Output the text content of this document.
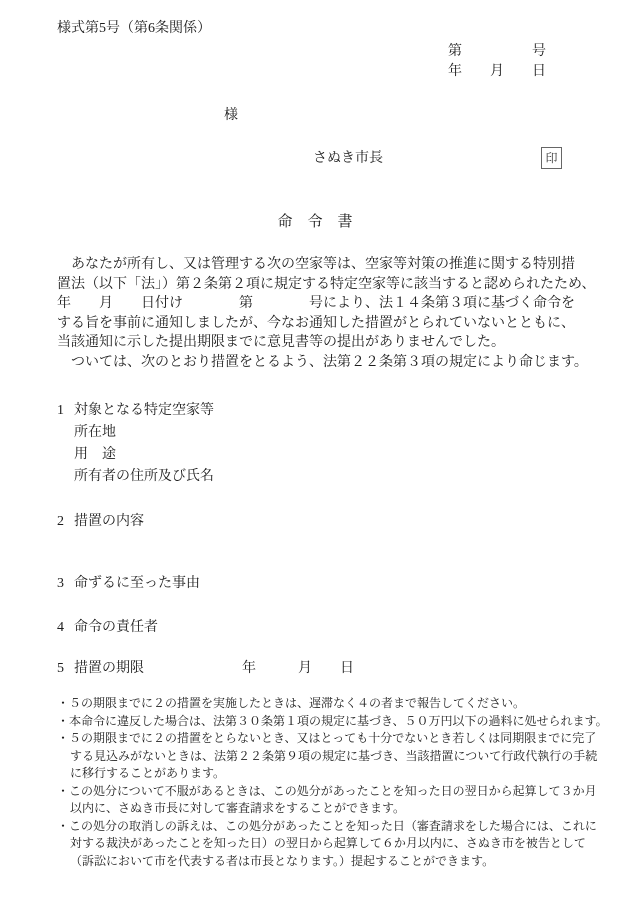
様式第5号（第6条関係）
第　　　　　号
年　　月　　日
様
さぬき市長	印
命　令　書
　あなたが所有し、又は管理する次の空家等は、空家等対策の推進に関する特別措
置法（以下「法」）第２条第２項に規定する特定空家等に該当すると認められたため、
年　　月　　日付け　　　　第　　　　号により、法１４条第３項に基づく命令を
する旨を事前に通知しましたが、今なお通知した措置がとられていないとともに、
当該通知に示した提出期限までに意見書等の提出がありませんでした。
　ついては、次のとおり措置をとるよう、法第２２条第３項の規定により命じます。
1 対象となる特定空家等
所在地
用　途
所有者の住所及び氏名
2 措置の内容
3 命ずるに至った事由
4 命令の責任者
5 措置の期限　　　　　　　年　　　月　　日
・５の期限までに２の措置を実施したときは、遅滞なく４の者まで報告してください。
・本命令に違反した場合は、法第３０条第１項の規定に基づき、５０万円以下の過料に処せられます。
・５の期限までに２の措置をとらないとき、又はとっても十分でないとき若しくは同期限までに完了
する見込みがないときは、法第２２条第９項の規定に基づき、当該措置について行政代執行の手続
に移行することがあります。
・この処分について不服があるときは、この処分があったことを知った日の翌日から起算して３か月
以内に、さぬき市長に対して審査請求をすることができます。
・この処分の取消しの訴えは、この処分があったことを知った日（審査請求をした場合には、これに
対する裁決があったことを知った日）の翌日から起算して６か月以内に、さぬき市を被告として
（訴訟において市を代表する者は市長となります。）提起することができます。
